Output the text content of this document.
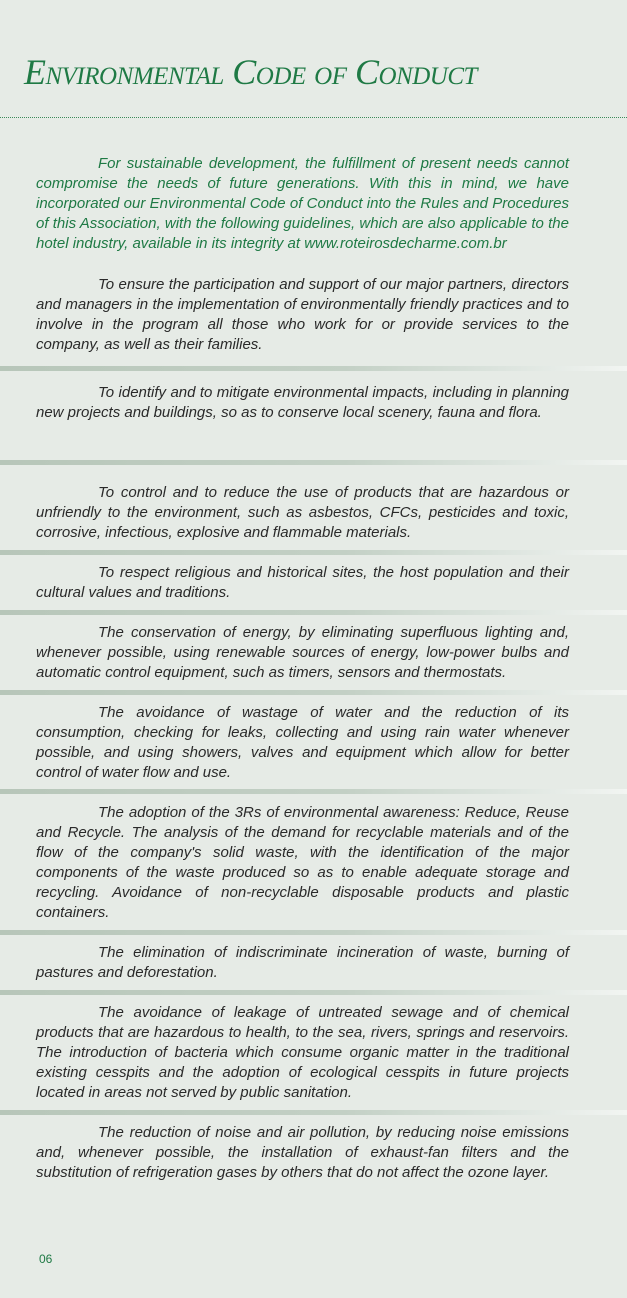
Environmental Code of Conduct

For sustainable development, the fulfillment of present needs cannot compromise the needs of future generations. With this in mind, we have incorporated our Environmental Code of Conduct into the Rules and Procedures of this Association, with the following guidelines, which are also applicable to the hotel industry, available in its integrity at www.roteirosdecharme.com.br

To ensure the participation and support of our major partners, directors and managers in the implementation of environmentally friendly practices and to involve in the program all those who work for or provide services to the company, as well as their families.

To identify and to mitigate environmental impacts, including in planning new projects and buildings, so as to conserve local scenery, fauna and flora.

To control and to reduce the use of products that are hazardous or unfriendly to the environment, such as asbestos, CFCs, pesticides and toxic, corrosive, infectious, explosive and flammable materials.

To respect religious and historical sites, the host population and their cultural values and traditions.

The conservation of energy, by eliminating superfluous lighting and, whenever possible, using renewable sources of energy, low-power bulbs and automatic control equipment, such as timers, sensors and thermostats.

The avoidance of wastage of water and the reduction of its consumption, checking for leaks, collecting and using rain water whenever possible, and using showers, valves and equipment which allow for better control of water flow and use.

The adoption of the 3Rs of environmental awareness: Reduce, Reuse and Recycle. The analysis of the demand for recyclable materials and of the flow of the company's solid waste, with the identification of the major components of the waste produced so as to enable adequate storage and recycling. Avoidance of non-recyclable disposable products and plastic containers.

The elimination of indiscriminate incineration of waste, burning of pastures and deforestation.

The avoidance of leakage of untreated sewage and of chemical products that are hazardous to health, to the sea, rivers, springs and reservoirs. The introduction of bacteria which consume organic matter in the traditional existing cesspits and the adoption of ecological cesspits in future projects located in areas not served by public sanitation.

The reduction of noise and air pollution, by reducing noise emissions and, whenever possible, the installation of exhaust-fan filters and the substitution of refrigeration gases by others that do not affect the ozone layer.

06
